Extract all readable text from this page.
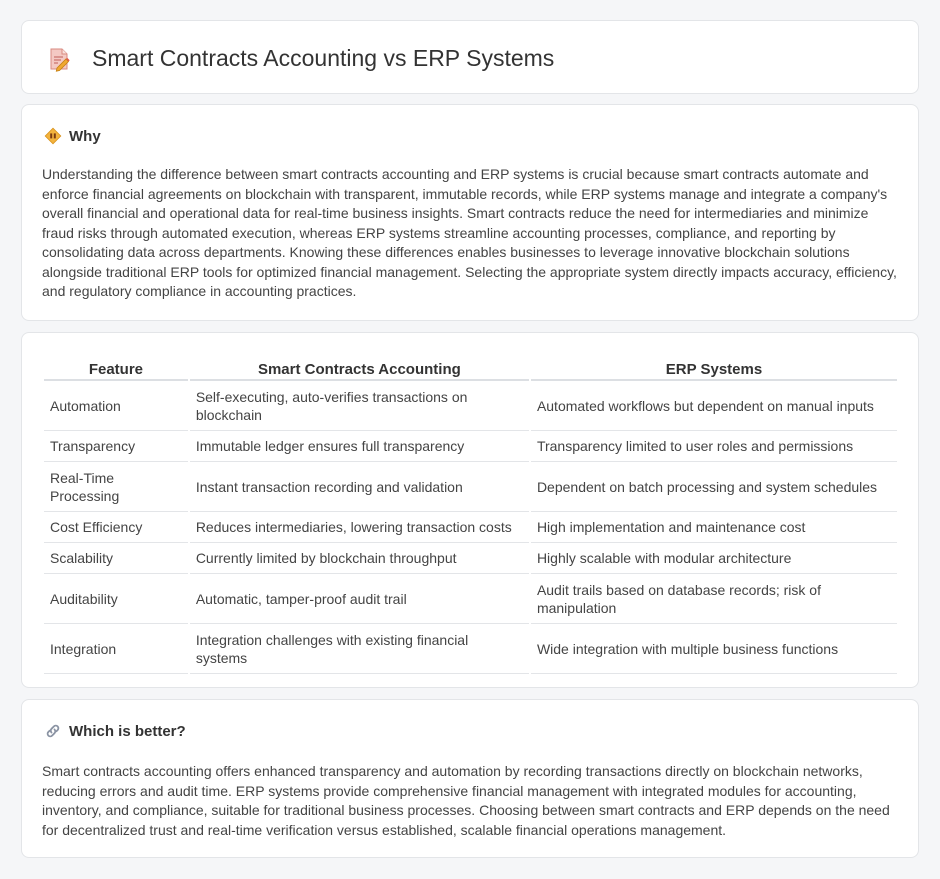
Smart Contracts Accounting vs ERP Systems
Why

Understanding the difference between smart contracts accounting and ERP systems is crucial because smart contracts automate and enforce financial agreements on blockchain with transparent, immutable records, while ERP systems manage and integrate a company's overall financial and operational data for real-time business insights. Smart contracts reduce the need for intermediaries and minimize fraud risks through automated execution, whereas ERP systems streamline accounting processes, compliance, and reporting by consolidating data across departments. Knowing these differences enables businesses to leverage innovative blockchain solutions alongside traditional ERP tools for optimized financial management. Selecting the appropriate system directly impacts accuracy, efficiency, and regulatory compliance in accounting practices.

Feature	Smart Contracts Accounting	ERP Systems
Automation	Self-executing, auto-verifies transactions on blockchain	Automated workflows but dependent on manual inputs
Transparency	Immutable ledger ensures full transparency	Transparency limited to user roles and permissions
Real-Time Processing	Instant transaction recording and validation	Dependent on batch processing and system schedules
Cost Efficiency	Reduces intermediaries, lowering transaction costs	High implementation and maintenance cost
Scalability	Currently limited by blockchain throughput	Highly scalable with modular architecture
Auditability	Automatic, tamper-proof audit trail	Audit trails based on database records; risk of manipulation
Integration	Integration challenges with existing financial systems	Wide integration with multiple business functions
Which is better?

Smart contracts accounting offers enhanced transparency and automation by recording transactions directly on blockchain networks, reducing errors and audit time. ERP systems provide comprehensive financial management with integrated modules for accounting, inventory, and compliance, suitable for traditional business processes. Choosing between smart contracts and ERP depends on the need for decentralized trust and real-time verification versus established, scalable financial operations management.
